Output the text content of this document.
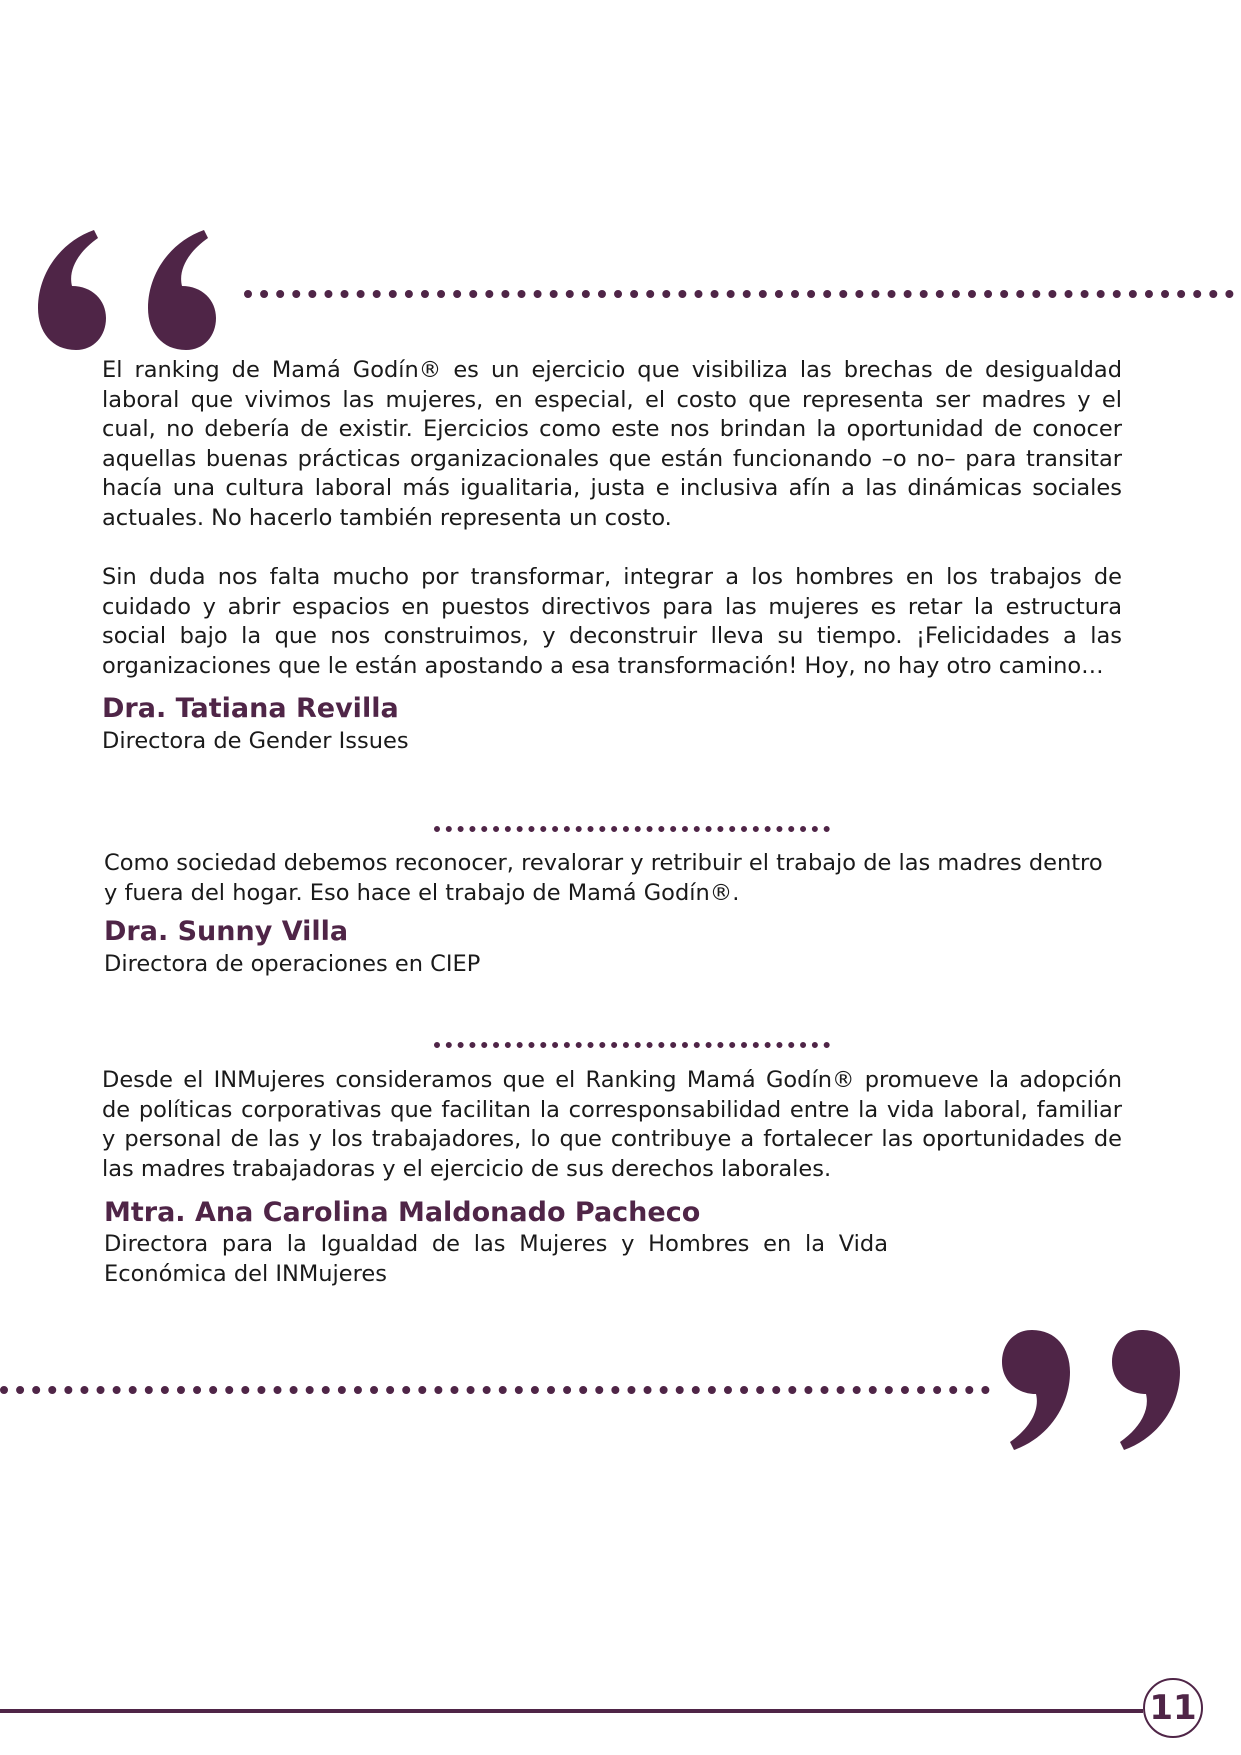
El ranking de Mamá Godín® es un ejercicio que visibiliza las brechas de desigualdad laboral que vivimos las mujeres, en especial, el costo que representa ser madres y el cual, no debería de existir. Ejercicios como este nos brindan la oportunidad de conocer aquellas buenas prácticas organizacionales que están funcionando –o no– para transitar hacía una cultura laboral más igualitaria, justa e inclusiva afín a las dinámicas sociales actuales. No hacerlo también representa un costo.

Sin duda nos falta mucho por transformar, integrar a los hombres en los trabajos de cuidado y abrir espacios en puestos directivos para las mujeres es retar la estructura social bajo la que nos construimos, y deconstruir lleva su tiempo. ¡Felicidades a las organizaciones que le están apostando a esa transformación! Hoy, no hay otro camino…

Dra. Tatiana Revilla

Directora de Gender Issues

Como sociedad debemos reconocer, revalorar y retribuir el trabajo de las madres dentro y fuera del hogar. Eso hace el trabajo de Mamá Godín®.

Dra. Sunny Villa

Directora de operaciones en CIEP

Desde el INMujeres consideramos que el Ranking Mamá Godín® promueve la adopción de políticas corporativas que facilitan la corresponsabilidad entre la vida laboral, familiar y personal de las y los trabajadores, lo que contribuye a fortalecer las oportunidades de las madres trabajadoras y el ejercicio de sus derechos laborales.

Mtra. Ana Carolina Maldonado Pacheco

Directora para la Igualdad de las Mujeres y Hombres en la Vida Económica del INMujeres

11
